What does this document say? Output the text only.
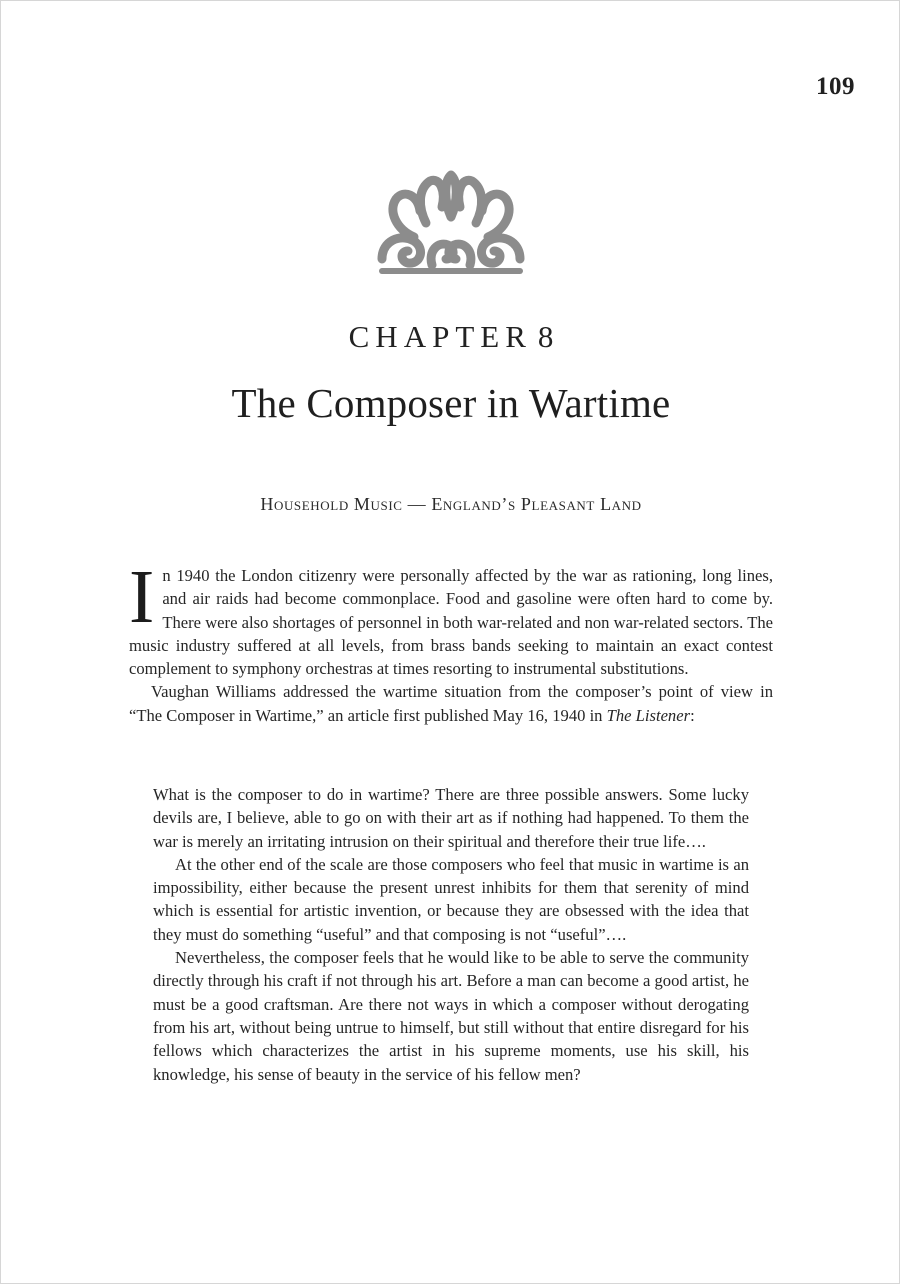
109
CHAPTER 8
The Composer in Wartime
Household Music — England’s Pleasant Land

In 1940 the London citizenry were personally affected by the war as rationing, long lines, and air raids had become commonplace. Food and gasoline were often hard to come by. There were also shortages of personnel in both war-related and non war-related sectors. The music industry suffered at all levels, from brass bands seeking to maintain an exact contest complement to symphony orchestras at times resorting to instrumental substitutions.

Vaughan Williams addressed the wartime situation from the composer’s point of view in “The Composer in Wartime,” an article first published May 16, 1940 in The Listener:

What is the composer to do in wartime? There are three possible answers. Some lucky devils are, I believe, able to go on with their art as if nothing had happened. To them the war is merely an irritating intrusion on their spiritual and therefore their true life….

At the other end of the scale are those composers who feel that music in wartime is an impossibility, either because the present unrest inhibits for them that serenity of mind which is essential for artistic invention, or because they are obsessed with the idea that they must do something “useful” and that composing is not “useful”….

Nevertheless, the composer feels that he would like to be able to serve the community directly through his craft if not through his art. Before a man can become a good artist, he must be a good craftsman. Are there not ways in which a composer without derogating from his art, without being untrue to himself, but still without that entire disregard for his fellows which characterizes the artist in his supreme moments, use his skill, his knowledge, his sense of beauty in the service of his fellow men?
